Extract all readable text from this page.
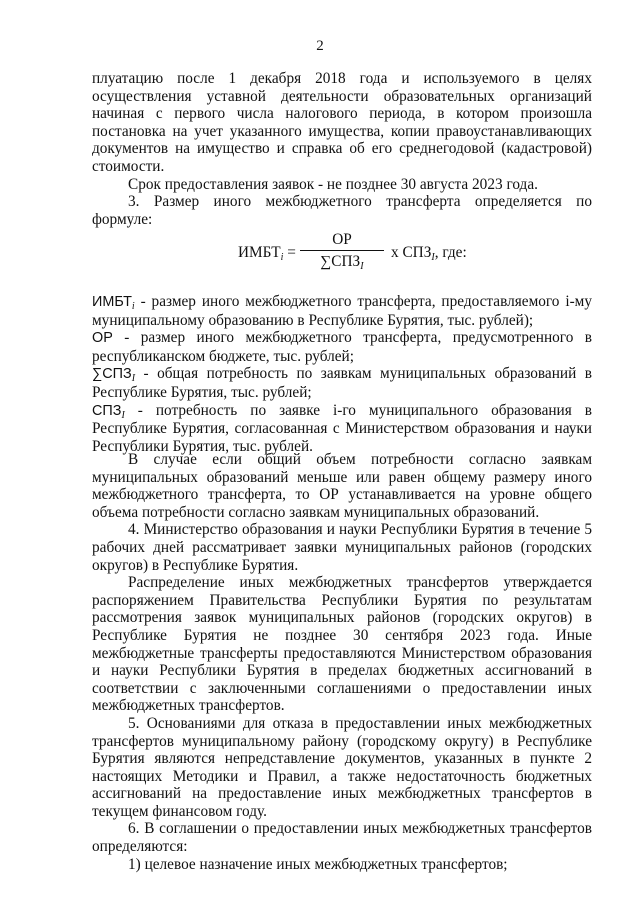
2

плуатацию после 1 декабря 2018 года и используемого в целях осуществления уставной деятельности образовательных организаций начиная с первого числа налогового периода, в котором произошла постановка на учет указанного имущества, копии правоустанавливающих документов на имущество и справка об его среднегодовой (кадастровой) стоимости.

Срок предоставления заявок - не позднее 30 августа 2023 года.

3. Размер иного межбюджетного трансферта определяется по формуле:

$ИМБТ_i$ =
ОР
$\sum СПЗ_I$
х $СПЗ_I$, где:

$ИМБТ_i$ - размер иного межбюджетного трансферта, предоставляемого i-му муниципальному образованию в Республике Бурятия, тыс. рублей);

ОР - размер иного межбюджетного трансферта, предусмотренного в республиканском бюджете, тыс. рублей;

$\sum СПЗ_I$ - общая потребность по заявкам муниципальных образований в Республике Бурятия, тыс. рублей;

$СПЗ_I$ - потребность по заявке i-го муниципального образования в Республике Бурятия, согласованная с Министерством образования и науки Республики Бурятия, тыс. рублей.

В случае если общий объем потребности согласно заявкам муниципальных образований меньше или равен общему размеру иного межбюджетного трансферта, то ОР устанавливается на уровне общего объема потребности согласно заявкам муниципальных образований.

4. Министерство образования и науки Республики Бурятия в течение 5 рабочих дней рассматривает заявки муниципальных районов (городских округов) в Республике Бурятия.

Распределение иных межбюджетных трансфертов утверждается распоряжением Правительства Республики Бурятия по результатам рассмотрения заявок муниципальных районов (городских округов) в Республике Бурятия не позднее 30 сентября 2023 года. Иные межбюджетные трансферты предоставляются Министерством образования и науки Республики Бурятия в пределах бюджетных ассигнований в соответствии с заключенными соглашениями о предоставлении иных межбюджетных трансфертов.

5. Основаниями для отказа в предоставлении иных межбюджетных трансфертов муниципальному району (городскому округу) в Республике Бурятия являются непредставление документов, указанных в пункте 2 настоящих Методики и Правил, а также недостаточность бюджетных ассигнований на предоставление иных межбюджетных трансфертов в текущем финансовом году.

6. В соглашении о предоставлении иных межбюджетных трансфертов определяются:

1) целевое назначение иных межбюджетных трансфертов;
